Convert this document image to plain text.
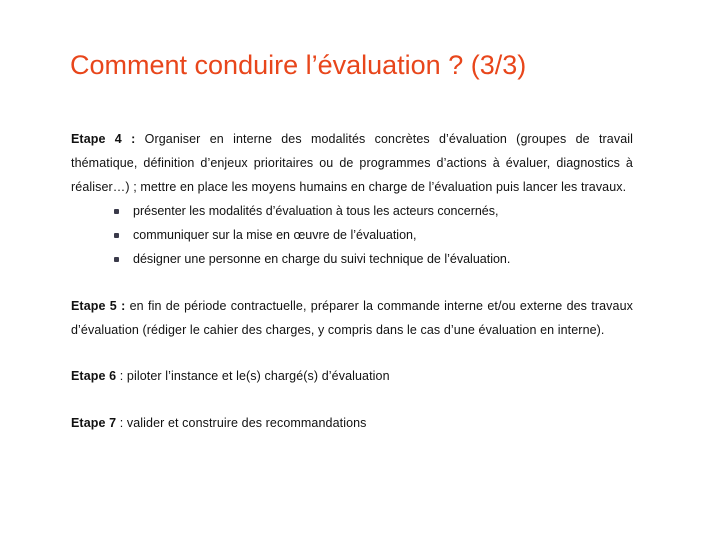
Comment conduire l’évaluation ? (3/3)
Etape 4 : Organiser en interne des modalités concrètes d’évaluation (groupes de travail thématique, définition d’enjeux prioritaires ou de programmes d’actions à évaluer, diagnostics à réaliser…) ; mettre en place les moyens humains en charge de l’évaluation puis lancer les travaux.
présenter les modalités d’évaluation à tous les acteurs concernés,
communiquer sur la mise en œuvre de l’évaluation,
désigner une personne en charge du suivi technique de l’évaluation.
Etape 5 : en fin de période contractuelle, préparer la commande interne et/ou externe des travaux d’évaluation (rédiger le cahier des charges, y compris dans le cas d’une évaluation en interne).
Etape 6 : piloter l’instance et le(s) chargé(s) d’évaluation
Etape 7 : valider et construire des recommandations
